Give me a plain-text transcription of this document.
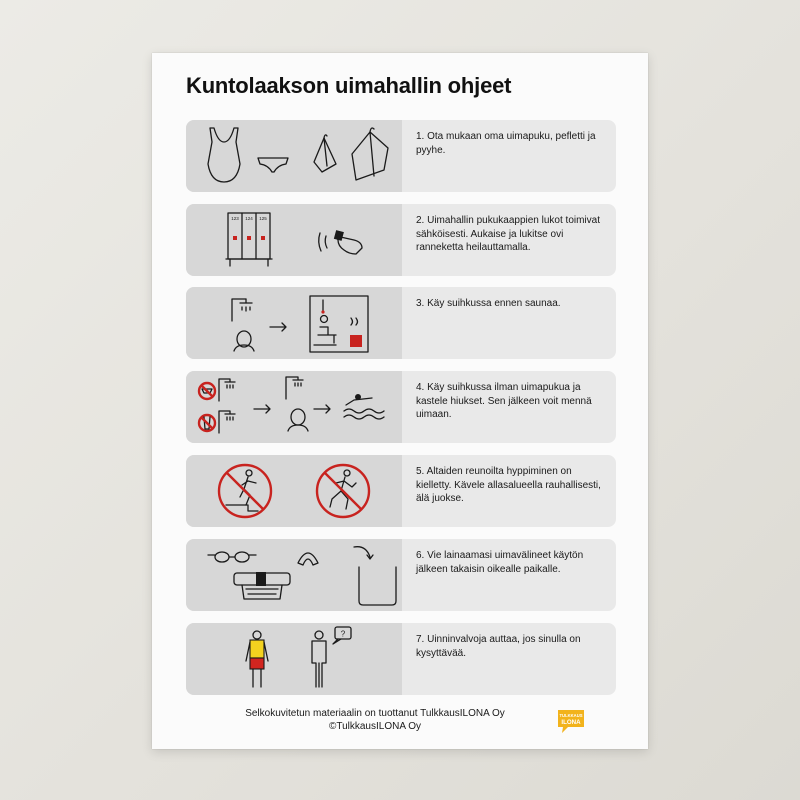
Kuntolaakson uimahallin ohjeet
1. Ota mukaan oma uimapuku, pefletti ja pyyhe.
123 124 125	2. Uimahallin pukukaappien lukot toimivat sähköisesti. Aukaise ja lukitse ovi ranneketta heilauttamalla.
3. Käy suihkussa ennen saunaa.
4. Käy suihkussa ilman uimapukua ja kastele hiukset. Sen jälkeen voit mennä uimaan.
5. Altaiden reunoilta hyppiminen on kielletty. Kävele allasalueella rauhallisesti, älä juokse.
6. Vie lainaamasi uimavälineet käytön jälkeen takaisin oikealle paikalle.
?	7. Uinninvalvoja auttaa, jos sinulla on kysyttävää.
Selkokuvitetun materiaalin on tuottanut TulkkausILONA Oy
©TulkkausILONA Oy
TULKKAUS
ILONA
